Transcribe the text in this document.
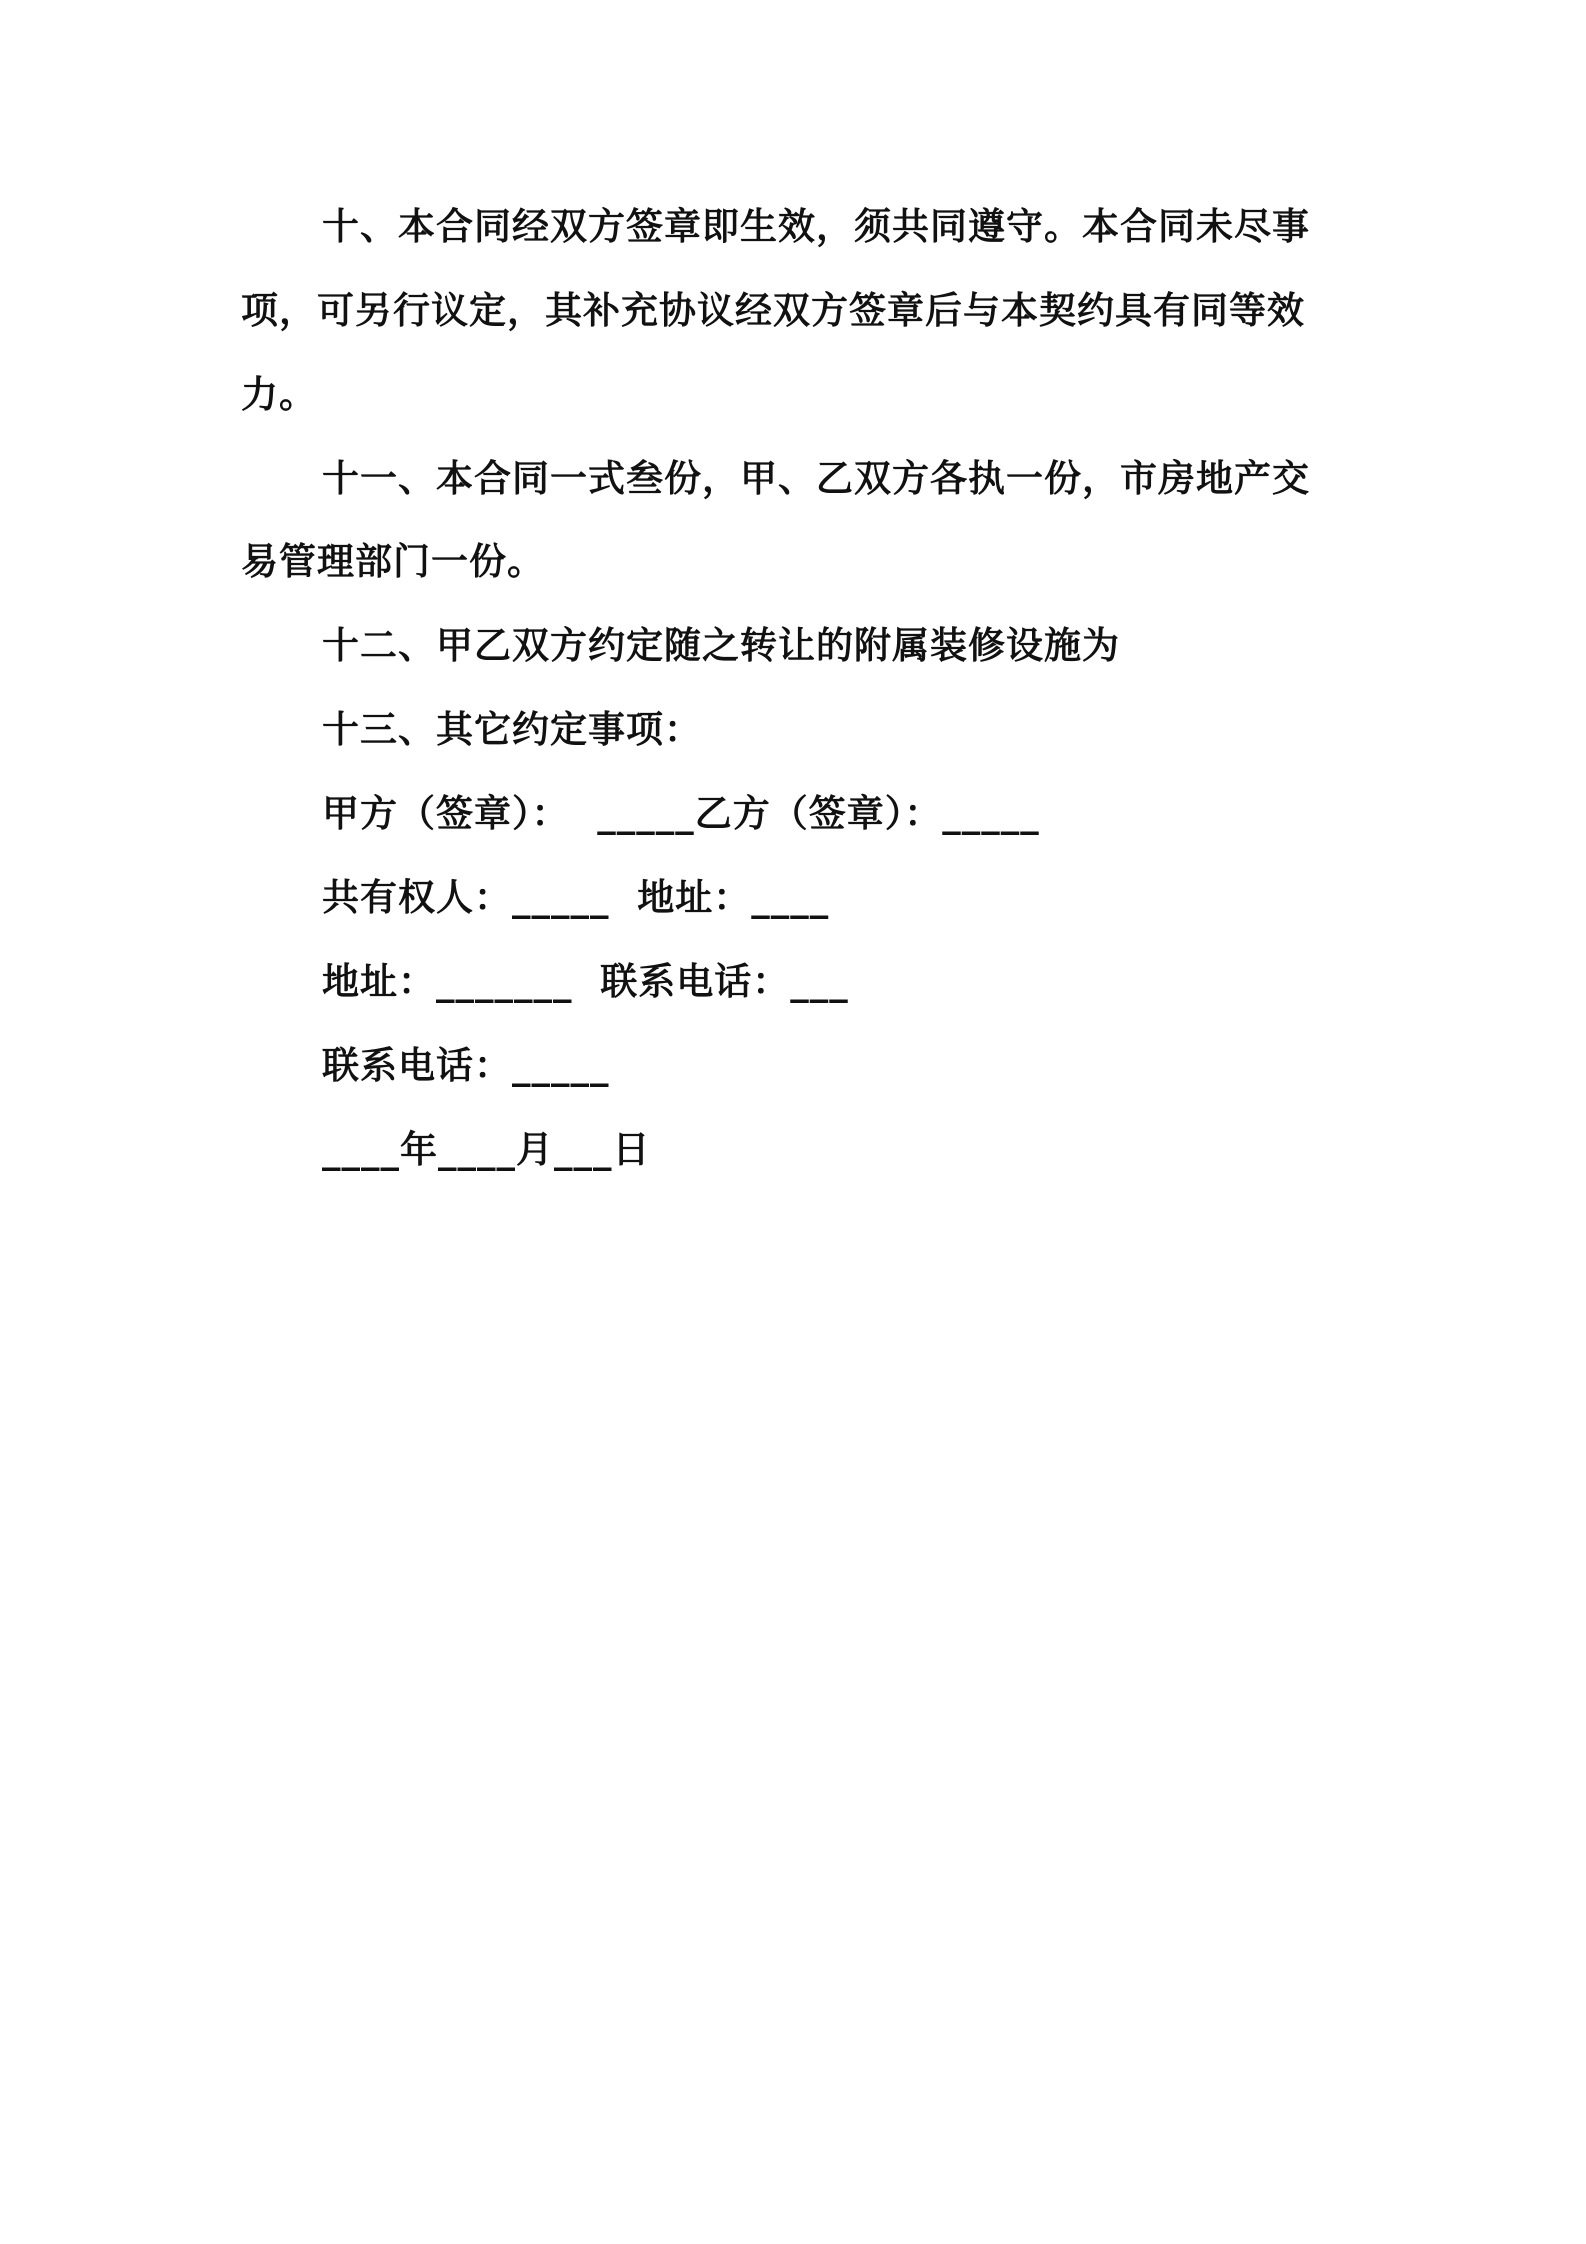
十、本合同经双方签章即生效，须共同遵守。本合同未尽事
项，可另行议定，其补充协议经双方签章后与本契约具有同等效
力。
十一、本合同一式叁份，甲、乙双方各执一份，市房地产交
易管理部门一份。
十二、甲乙双方约定随之转让的附属装修设施为
十三、其它约定事项：
甲方（签章）：  _____乙方（签章）：_____
共有权人：_____  地址：____
地址：_______  联系电话：___
联系电话：_____
____年____月___日
